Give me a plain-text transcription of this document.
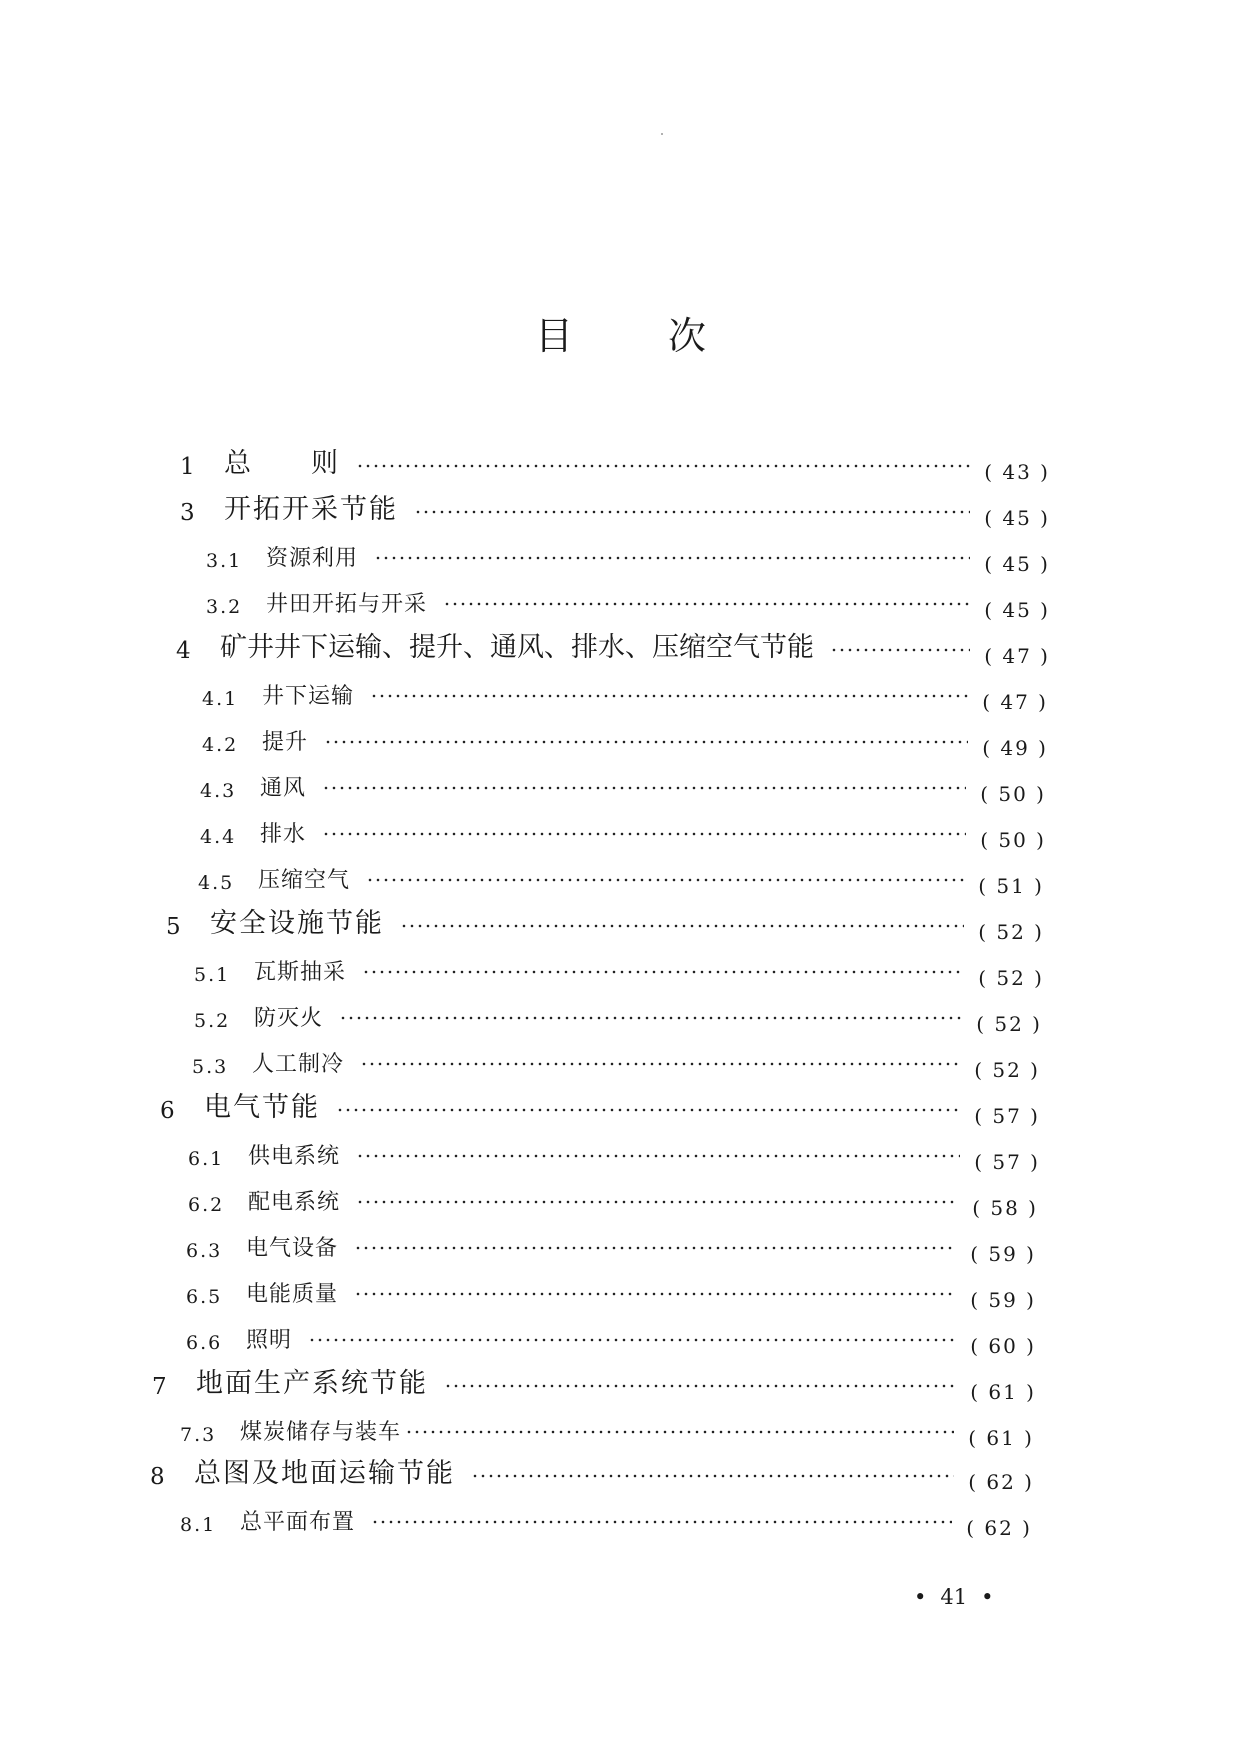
目	次
1	总　　则	( 43 )
3	开拓开采节能	( 45 )
3.1	资源利用	( 45 )
3.2	井田开拓与开采	( 45 )
4	矿井井下运输、提升、通风、排水、压缩空气节能	( 47 )
4.1	井下运输	( 47 )
4.2	提升	( 49 )
4.3	通风	( 50 )
4.4	排水	( 50 )
4.5	压缩空气	( 51 )
5	安全设施节能	( 52 )
5.1	瓦斯抽采	( 52 )
5.2	防灭火	( 52 )
5.3	人工制冷	( 52 )
6	电气节能	( 57 )
6.1	供电系统	( 57 )
6.2	配电系统	( 58 )
6.3	电气设备	( 59 )
6.5	电能质量	( 59 )
6.6	照明	( 60 )
7	地面生产系统节能	( 61 )
7.3	煤炭储存与装车	( 61 )
8	总图及地面运输节能	( 62 )
8.1	总平面布置	( 62 )
• 41 •
